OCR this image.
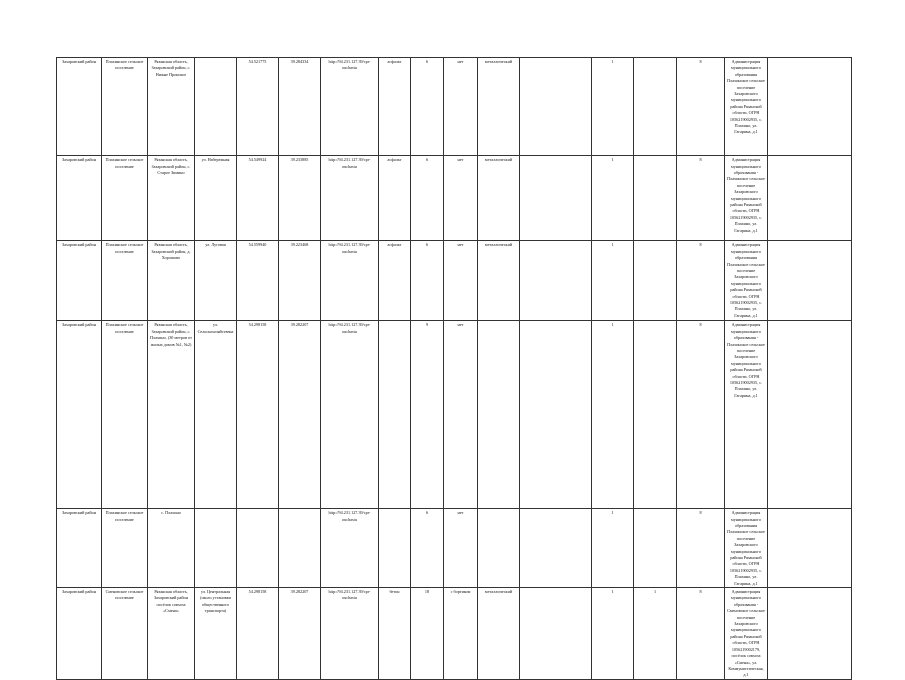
Захаровский район	Плахинское сельское поселение	Рязанская область, Захаровский район, с. Нижне Пронское		54.521775	39.284334	http://94.231.127.39/сpr-ouchastu	асфальт	6	нет	металлический		1		8	Администрация муниципального образования Плахинское сельское поселение Захаровского муниципального района Рязанской области, ОГРН 1056219002935, с. Плахино, ул. Гагарина, д.1		
Захаровский район	Плахинское сельское поселение	Рязанская область, Захаровский район, с. Старое Зимино	ул. Набережная	54.549924	39.233885	http://94.231.127.39/сpr-ouchastu	асфальт	6	нет	металлический		1		8	Администрация муниципального образования - Плахинское сельское поселение Захаровского муниципального района Рязанской области, ОГРН 1056219002935, с. Плахино, ул. Гагарина, д.1		
Захаровский район	Плахинское сельское поселение	Рязанская область, Захаровский район, д. Хорошово	ул. Луговая	54.559940	39.223468	http://94.231.127.39/сpr-ouchastu	асфальт	6	нет	металлический		1		8	Администрация муниципального образования Плахинское сельское поселение Захаровского муниципального района Рязанской области, ОГРН 1056219002935, с. Плахино, ул. Гагарина, д.1		
Захаровский район	Плахинское сельское поселение	Рязанская область, Захаровский район, с. Плахино, (30 метров от жилых домов №1, №2)	ул. Сельскохозяйствена	54.298158	39.282207	http://94.231.127.39/сpr-ouchastu		9	нет			1		8	Администрация муниципального образования - Плахинское сельское поселение Захаровского муниципального района Рязанской области, ОГРН 1056219002935, с. Плахино, ул. Гагарина, д.1		
Захаровский район	Плахинское сельское поселение	с. Плахино				http://94.231.127.39/сpr-ouchastu		6	нет			1		8	Администрация муниципального образования Плахинское сельское поселение Захаровского муниципального района Рязанской области, ОГРН 1056219002935, с. Плахино, ул. Гагарина, д.1		
Захаровский район	Сменовское сельское поселение	Рязанская область, Захаровский район посёлок совхоза «Смена»	ул. Центральная (около установки общественного транспорта)	54.298158	39.282207	http://94.231.127.39/сpr-ouchastu	бетон	18	с бортиком	металлический		1	1	8	Администрация муниципального образования - Сменовское сельское поселение Захаровского муниципального района Рязанской области, ОГРН 1056219002179, посёлок совхоза «Смена», ул. Коммунистическая, д.1		
